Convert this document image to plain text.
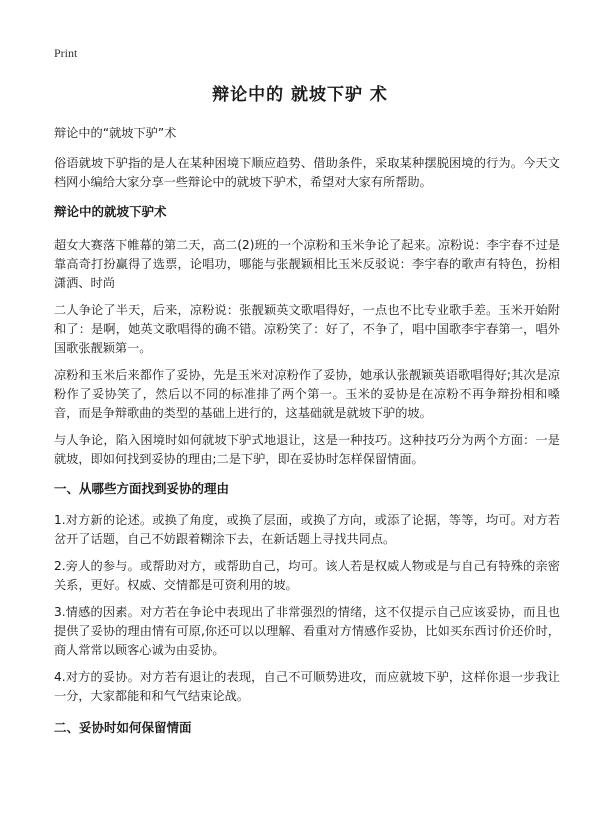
Print
辩论中的 就坡下驴 术

辩论中的“就坡下驴”术

俗语就坡下驴指的是人在某种困境下顺应趋势、借助条件，采取某种摆脱困境的行为。今天文档网小编给大家分享一些辩论中的就坡下驴术，希望对大家有所帮助。

辩论中的就坡下驴术

超女大赛落下帷幕的第二天，高二(2)班的一个凉粉和玉米争论了起来。凉粉说：李宇春不过是靠高奇打扮赢得了选票，论唱功，哪能与张靓颖相比玉米反驳说：李宇春的歌声有特色，扮相潇洒、时尚

二人争论了半天，后来，凉粉说：张靓颖英文歌唱得好，一点也不比专业歌手差。玉米开始附和了：是啊，她英文歌唱得的确不错。凉粉笑了：好了，不争了，唱中国歌李宇春第一，唱外国歌张靓颖第一。

凉粉和玉米后来都作了妥协，先是玉米对凉粉作了妥协，她承认张靓颖英语歌唱得好;其次是凉粉作了妥协笑了，然后以不同的标准排了两个第一。玉米的妥协是在凉粉不再争辩扮相和嗓音，而是争辩歌曲的类型的基础上进行的，这基础就是就坡下驴的坡。

与人争论，陷入困境时如何就坡下驴式地退让，这是一种技巧。这种技巧分为两个方面：一是就坡，即如何找到妥协的理由;二是下驴，即在妥协时怎样保留情面。

一、从哪些方面找到妥协的理由

1.对方新的论述。或换了角度，或换了层面，或换了方向，或添了论据，等等，均可。对方若岔开了话题，自己不妨跟着糊涂下去，在新话题上寻找共同点。

2.旁人的参与。或帮助对方，或帮助自己，均可。该人若是权威人物或是与自己有特殊的亲密关系，更好。权威、交情都是可资利用的坡。

3.情感的因素。对方若在争论中表现出了非常强烈的情绪，这不仅提示自己应该妥协，而且也提供了妥协的理由情有可原,你还可以以理解、看重对方情感作妥协，比如买东西讨价还价时，商人常常以顾客心诚为由妥协。

4.对方的妥协。对方若有退让的表现，自己不可顺势进攻，而应就坡下驴，这样你退一步我让一分，大家都能和和气气结束论战。

二、妥协时如何保留情面
